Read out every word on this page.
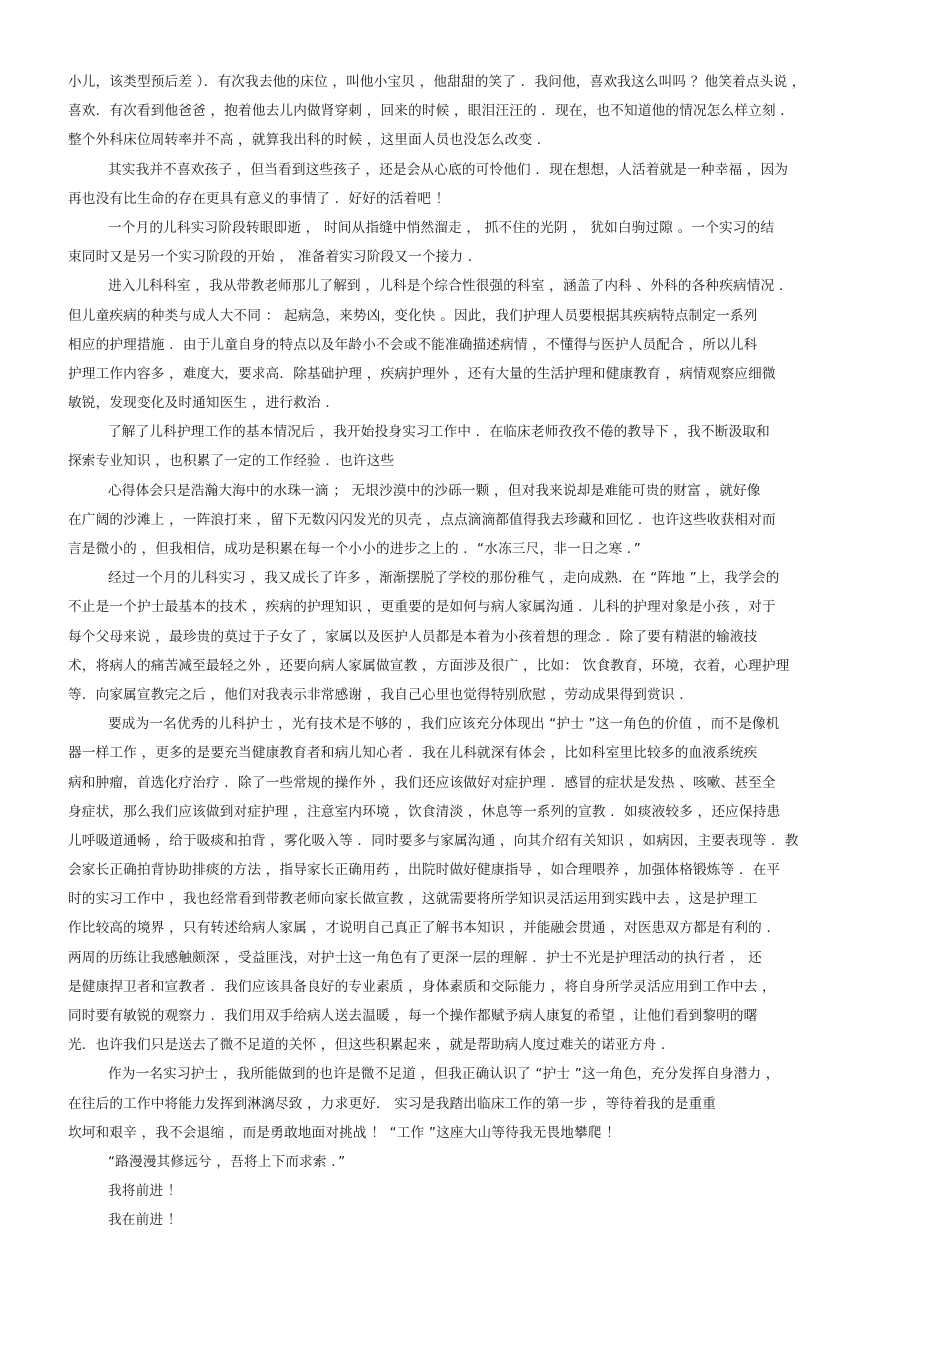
小儿，该类型预后差 ）．有次我去他的床位 ，叫他小宝贝 ，他甜甜的笑了 ．我问他，喜欢我这么叫吗 ？他笑着点头说 ，
喜欢．有次看到他爸爸 ，抱着他去儿内做肾穿刺 ，回来的时候 ，眼泪汪汪的 ．现在，也不知道他的情况怎么样立刻 ．
整个外科床位周转率并不高 ，就算我出科的时候 ，这里面人员也没怎么改变 ．
其实我并不喜欢孩子 ，但当看到这些孩子 ，还是会从心底的可怜他们 ．现在想想，人活着就是一种幸福 ，因为
再也没有比生命的存在更具有意义的事情了 ．好好的活着吧 ！
一个月的儿科实习阶段转眼即逝 ， 时间从指缝中悄然溜走 ， 抓不住的光阴 ， 犹如白驹过隙 。一个实习的结
束同时又是另一个实习阶段的开始 ， 准备着实习阶段又一个接力 ．
进入儿科科室 ，我从带教老师那儿了解到 ，儿科是个综合性很强的科室 ，涵盖了内科 、外科的各种疾病情况 ．
但儿童疾病的种类与成人大不同 ： 起病急，来势凶，变化快 。因此，我们护理人员要根据其疾病特点制定一系列
相应的护理措施 ．由于儿童自身的特点以及年龄小不会或不能准确描述病情 ，不懂得与医护人员配合 ，所以儿科
护理工作内容多 ，难度大，要求高．除基础护理 ，疾病护理外 ，还有大量的生活护理和健康教育 ，病情观察应细微
敏锐，发现变化及时通知医生 ，进行救治 ．
了解了儿科护理工作的基本情况后 ，我开始投身实习工作中 ．在临床老师孜孜不倦的教导下 ，我不断汲取和
探索专业知识 ，也积累了一定的工作经验 ．也许这些
心得体会只是浩瀚大海中的水珠一滴 ； 无垠沙漠中的沙砾一颗 ，但对我来说却是难能可贵的财富 ，就好像
在广阔的沙滩上 ，一阵浪打来 ，留下无数闪闪发光的贝壳 ，点点滴滴都值得我去珍藏和回忆 ．也许这些收获相对而
言是微小的 ，但我相信，成功是积累在每一个小小的进步之上的 ．“水冻三尺，非一日之寒 ．”
经过一个月的儿科实习 ，我又成长了许多 ，渐渐摆脱了学校的那份稚气 ，走向成熟．在 “阵地 ”上，我学会的
不止是一个护士最基本的技术 ，疾病的护理知识 ，更重要的是如何与病人家属沟通 ．儿科的护理对象是小孩 ，对于
每个父母来说 ，最珍贵的莫过于子女了 ，家属以及医护人员都是本着为小孩着想的理念 ．除了要有精湛的输液技
术，将病人的痛苦减至最轻之外 ，还要向病人家属做宣教 ，方面涉及很广 ，比如： 饮食教育，环境，衣着，心理护理
等．向家属宣教完之后 ，他们对我表示非常感谢 ，我自己心里也觉得特别欣慰 ，劳动成果得到赏识 ．
要成为一名优秀的儿科护士 ，光有技术是不够的 ，我们应该充分体现出 “护士 ”这一角色的价值 ，而不是像机
器一样工作 ，更多的是要充当健康教育者和病儿知心者 ．我在儿科就深有体会 ，比如科室里比较多的血液系统疾
病和肿瘤，首选化疗治疗 ．除了一些常规的操作外 ，我们还应该做好对症护理 ．感冒的症状是发热 、咳嗽、甚至全
身症状，那么我们应该做到对症护理 ，注意室内环境 ，饮食清淡 ，休息等一系列的宣教 ．如痰液较多 ，还应保持患
儿呼吸道通畅 ，给于吸痰和拍背 ，雾化吸入等 ．同时要多与家属沟通 ，向其介绍有关知识 ，如病因，主要表现等 ．教
会家长正确拍背协助排痰的方法 ，指导家长正确用药 ，出院时做好健康指导 ，如合理喂养 ，加强体格锻炼等 ．在平
时的实习工作中 ，我也经常看到带教老师向家长做宣教 ，这就需要将所学知识灵活运用到实践中去 ，这是护理工
作比较高的境界 ，只有转述给病人家属 ，才说明自己真正了解书本知识 ，并能融会贯通 ，对医患双方都是有利的 ．
两周的历练让我感触颇深 ，受益匪浅，对护士这一角色有了更深一层的理解 ．护士不光是护理活动的执行者 ， 还
是健康捍卫者和宣教者 ．我们应该具备良好的专业素质 ，身体素质和交际能力 ，将自身所学灵活应用到工作中去 ，
同时要有敏锐的观察力 ．我们用双手给病人送去温暖 ，每一个操作都赋予病人康复的希望 ，让他们看到黎明的曙
光．也许我们只是送去了微不足道的关怀 ，但这些积累起来 ，就是帮助病人度过难关的诺亚方舟 ．
作为一名实习护士 ，我所能做到的也许是微不足道 ，但我正确认识了 “护士 ”这一角色，充分发挥自身潜力 ，
在往后的工作中将能力发挥到淋漓尽致 ，力求更好． 实习是我踏出临床工作的第一步 ，等待着我的是重重
坎坷和艰辛 ，我不会退缩 ，而是勇敢地面对挑战 ！ “工作 ”这座大山等待我无畏地攀爬 ！
“路漫漫其修远兮 ，吾将上下而求索 ．”
我将前进 ！
我在前进 ！
